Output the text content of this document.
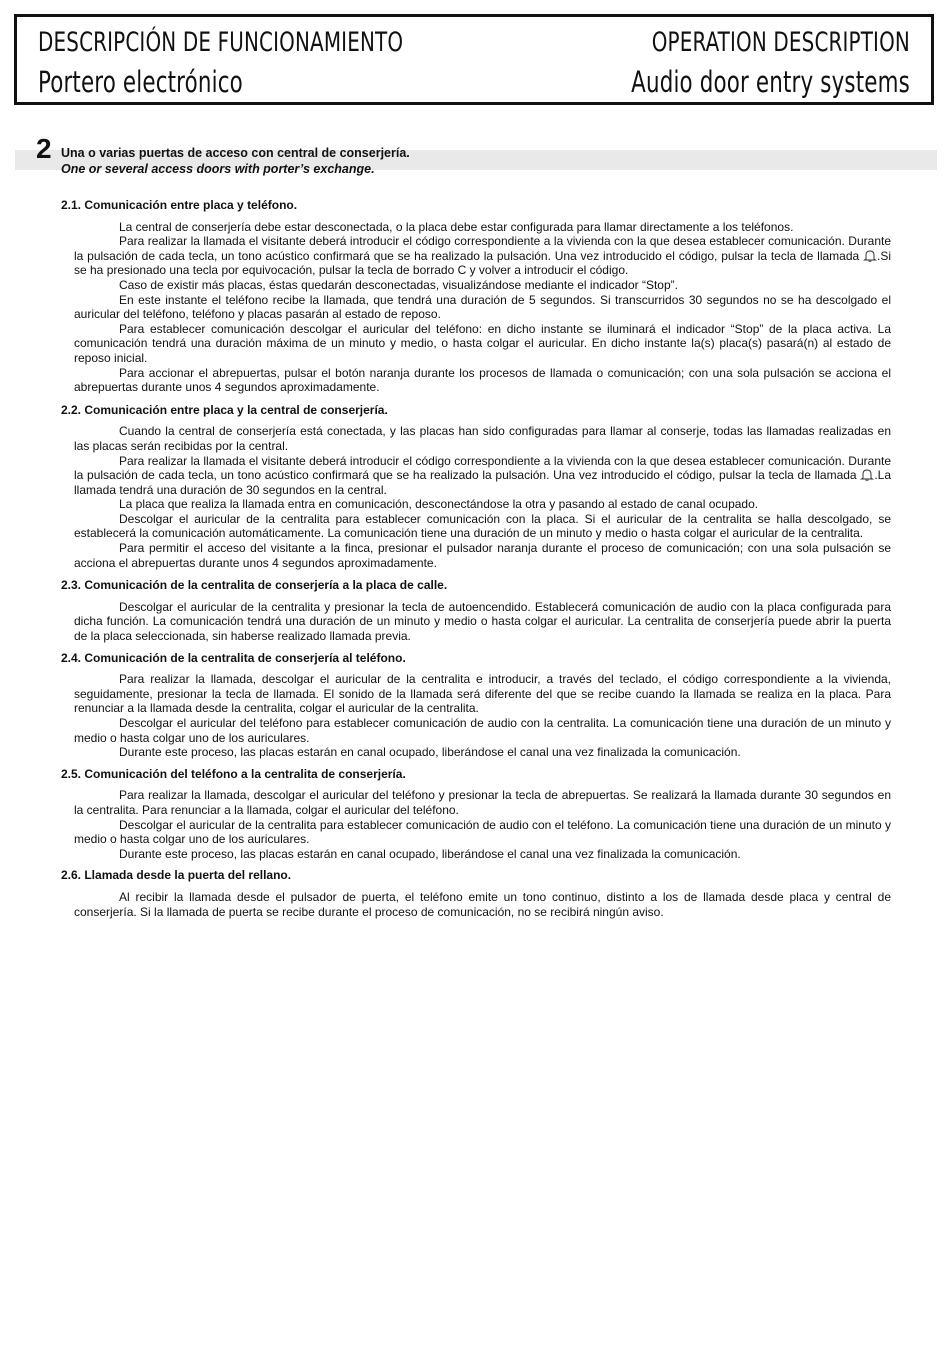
DESCRIPCIÓN DE FUNCIONAMIENTO
Portero electrónico
OPERATION DESCRIPTION
Audio door entry systems
2 Una o varias puertas de acceso con central de conserjería.
One or several access doors with porter’s exchange.

2.1. Comunicación entre placa y teléfono.

La central de conserjería debe estar desconectada, o la placa debe estar configurada para llamar directamente a los teléfonos.

Para realizar la llamada el visitante deberá introducir el código correspondiente a la vivienda con la que desea establecer comunicación. Durante la pulsación de cada tecla, un tono acústico confirmará que se ha realizado la pulsación. Una vez introducido el código, pulsar la tecla de llamada .Si se ha presionado una tecla por equivocación, pulsar la tecla de borrado C y volver a introducir el código.

Caso de existir más placas, éstas quedarán desconectadas, visualizándose mediante el indicador “Stop”.

En este instante el teléfono recibe la llamada, que tendrá una duración de 5 segundos. Si transcurridos 30 segundos no se ha descolgado el auricular del teléfono, teléfono y placas pasarán al estado de reposo.

Para establecer comunicación descolgar el auricular del teléfono: en dicho instante se iluminará el indicador “Stop” de la placa activa. La comunicación tendrá una duración máxima de un minuto y medio, o hasta colgar el auricular. En dicho instante la(s) placa(s) pasará(n) al estado de reposo inicial.

Para accionar el abrepuertas, pulsar el botón naranja durante los procesos de llamada o comunicación; con una sola pulsación se acciona el abrepuertas durante unos 4 segundos aproximadamente.

2.2. Comunicación entre placa y la central de conserjería.

Cuando la central de conserjería está conectada, y las placas han sido configuradas para llamar al conserje, todas las llamadas realizadas en las placas serán recibidas por la central.

Para realizar la llamada el visitante deberá introducir el código correspondiente a la vivienda con la que desea establecer comunicación. Durante la pulsación de cada tecla, un tono acústico confirmará que se ha realizado la pulsación. Una vez introducido el código, pulsar la tecla de llamada .La llamada tendrá una duración de 30 segundos en la central.

La placa que realiza la llamada entra en comunicación, desconectándose la otra y pasando al estado de canal ocupado.

Descolgar el auricular de la centralita para establecer comunicación con la placa. Si el auricular de la centralita se halla descolgado, se establecerá la comunicación automáticamente. La comunicación tiene una duración de un minuto y medio o hasta colgar el auricular de la centralita.

Para permitir el acceso del visitante a la finca, presionar el pulsador naranja durante el proceso de comunicación; con una sola pulsación se acciona el abrepuertas durante unos 4 segundos aproximadamente.

2.3. Comunicación de la centralita de conserjería a la placa de calle.

Descolgar el auricular de la centralita y presionar la tecla de autoencendido. Establecerá comunicación de audio con la placa configurada para dicha función. La comunicación tendrá una duración de un minuto y medio o hasta colgar el auricular. La centralita de conserjería puede abrir la puerta de la placa seleccionada, sin haberse realizado llamada previa.

2.4. Comunicación de la centralita de conserjería al teléfono.

Para realizar la llamada, descolgar el auricular de la centralita e introducir, a través del teclado, el código correspondiente a la vivienda, seguidamente, presionar la tecla de llamada. El sonido de la llamada será diferente del que se recibe cuando la llamada se realiza en la placa. Para renunciar a la llamada desde la centralita, colgar el auricular de la centralita.

Descolgar el auricular del teléfono para establecer comunicación de audio con la centralita. La comunicación tiene una duración de un minuto y medio o hasta colgar uno de los auriculares.

Durante este proceso, las placas estarán en canal ocupado, liberándose el canal una vez finalizada la comunicación.

2.5. Comunicación del teléfono a la centralita de conserjería.

Para realizar la llamada, descolgar el auricular del teléfono y presionar la tecla de abrepuertas. Se realizará la llamada durante 30 segundos en la centralita. Para renunciar a la llamada, colgar el auricular del teléfono.

Descolgar el auricular de la centralita para establecer comunicación de audio con el teléfono. La comunicación tiene una duración de un minuto y medio o hasta colgar uno de los auriculares.

Durante este proceso, las placas estarán en canal ocupado, liberándose el canal una vez finalizada la comunicación.

2.6. Llamada desde la puerta del rellano.

Al recibir la llamada desde el pulsador de puerta, el teléfono emite un tono continuo, distinto a los de llamada desde placa y central de conserjería. Si la llamada de puerta se recibe durante el proceso de comunicación, no se recibirá ningún aviso.
